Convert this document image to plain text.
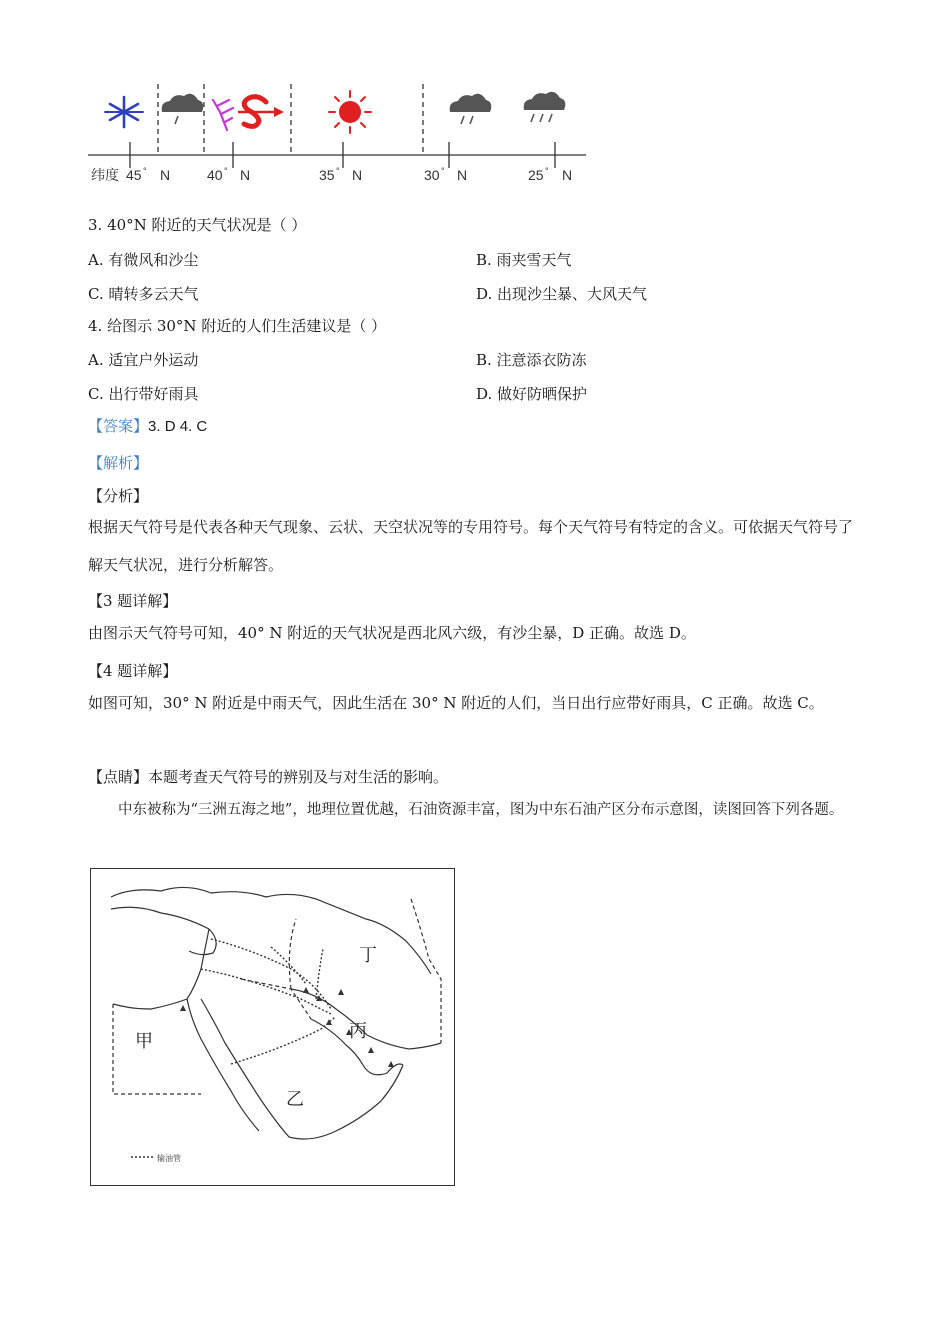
纬度 45 ° N	40 ° N	35 ° N	30 ° N	25 ° N
3. 40°N 附近的天气状况是（ ）
A. 有微风和沙尘	B. 雨夹雪天气
C. 晴转多云天气	D. 出现沙尘暴、大风天气
4. 给图示 30°N 附近的人们生活建议是（ ）
A. 适宜户外运动	B. 注意添衣防冻
C. 出行带好雨具	D. 做好防晒保护
【答案】3. D 4. C
【解析】
【分析】
根据天气符号是代表各种天气现象、云状、天空状况等的专用符号。每个天气符号有特定的含义。可依据天气符号了解天气状况，进行分析解答。
【3 题详解】
由图示天气符号可知，40° N 附近的天气状况是西北风六级，有沙尘暴，D 正确。故选 D。
【4 题详解】
如图可知，30° N 附近是中雨天气，因此生活在 30° N 附近的人们，当日出行应带好雨具，C 正确。故选 C。
【点睛】本题考查天气符号的辨别及与对生活的影响。
中东被称为“三洲五海之地”，地理位置优越，石油资源丰富，图为中东石油产区分布示意图，读图回答下列各题。
丁
甲	丙
乙
输油管
